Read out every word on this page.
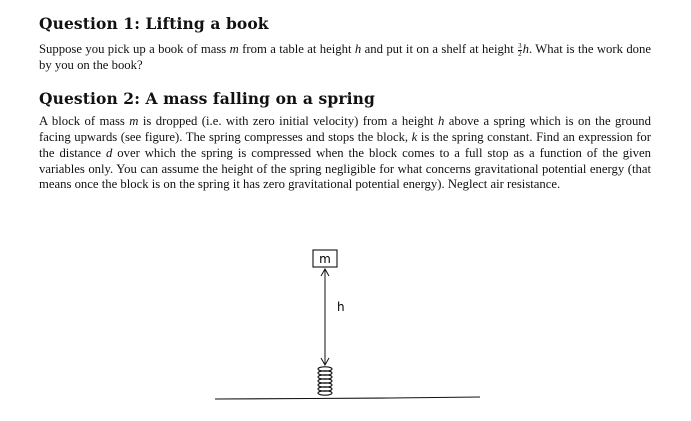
Question 1: Lifting a book

Suppose you pick up a book of mass m from a table at height h and put it on a shelf at height $\frac{3}{2} h$. What is the work done by you on the book?

Question 2: A mass falling on a spring

A block of mass m is dropped (i.e. with zero initial velocity) from a height h above a spring which is on the ground facing upwards (see figure). The spring compresses and stops the block, k is the spring constant. Find an expression for the distance d over which the spring is compressed when the block comes to a full stop as a function of the given variables only. You can assume the height of the spring negligible for what concerns gravitational potential energy (that means once the block is on the spring it has zero gravitational potential energy). Neglect air resistance.

m
h
